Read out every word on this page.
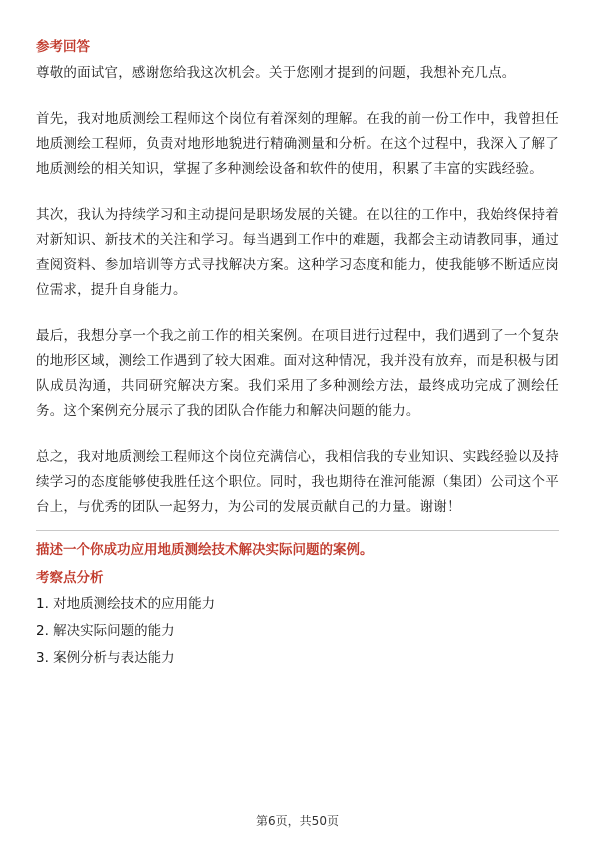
参考回答

尊敬的面试官，感谢您给我这次机会。关于您刚才提到的问题，我想补充几点。

首先，我对地质测绘工程师这个岗位有着深刻的理解。在我的前一份工作中，我曾担任地质测绘工程师，负责对地形地貌进行精确测量和分析。在这个过程中，我深入了解了地质测绘的相关知识，掌握了多种测绘设备和软件的使用，积累了丰富的实践经验。

其次，我认为持续学习和主动提问是职场发展的关键。在以往的工作中，我始终保持着对新知识、新技术的关注和学习。每当遇到工作中的难题，我都会主动请教同事，通过查阅资料、参加培训等方式寻找解决方案。这种学习态度和能力，使我能够不断适应岗位需求，提升自身能力。

最后，我想分享一个我之前工作的相关案例。在项目进行过程中，我们遇到了一个复杂的地形区域，测绘工作遇到了较大困难。面对这种情况，我并没有放弃，而是积极与团队成员沟通，共同研究解决方案。我们采用了多种测绘方法，最终成功完成了测绘任务。这个案例充分展示了我的团队合作能力和解决问题的能力。

总之，我对地质测绘工程师这个岗位充满信心，我相信我的专业知识、实践经验以及持续学习的态度能够使我胜任这个职位。同时，我也期待在淮河能源（集团）公司这个平台上，与优秀的团队一起努力，为公司的发展贡献自己的力量。谢谢！

描述一个你成功应用地质测绘技术解决实际问题的案例。
考察点分析
1. 对地质测绘技术的应用能力
2. 解决实际问题的能力
3. 案例分析与表达能力
第6页，共50页
